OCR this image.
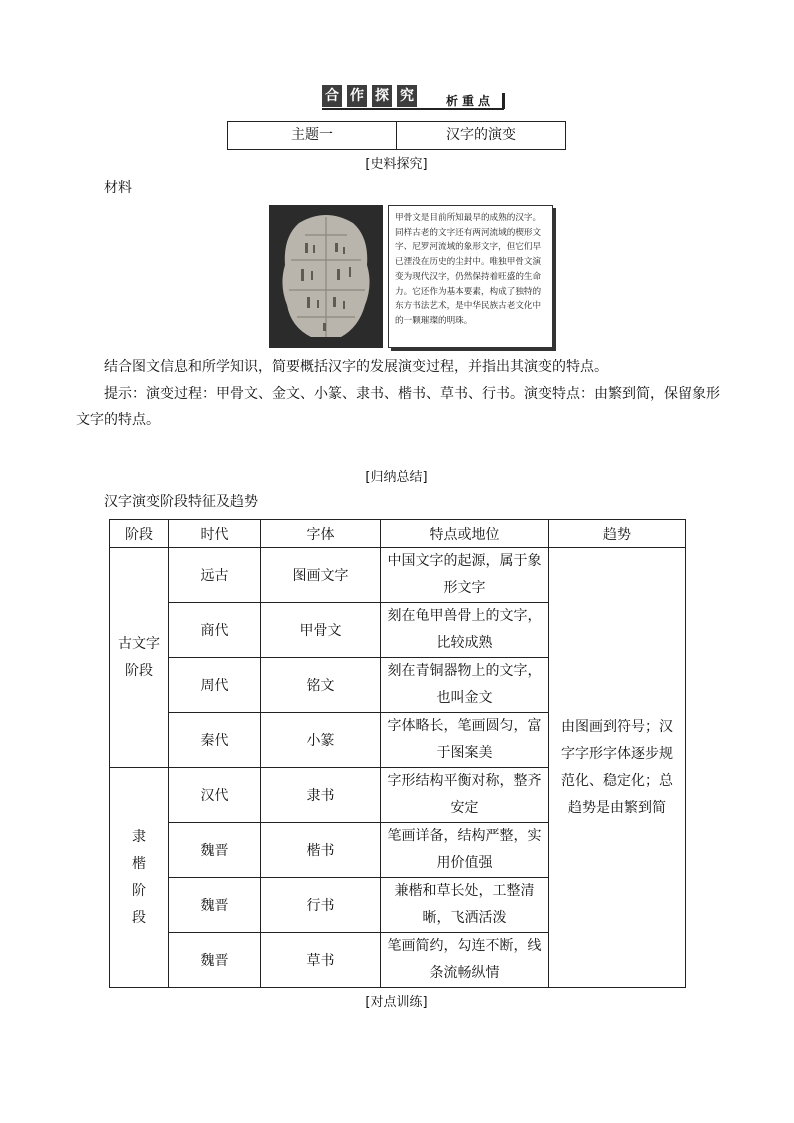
合 作 探 究	析重点
主题一	汉字的演变
[史料探究]
材料
甲骨文是目前所知最早的成熟的汉字。同样古老的文字还有两河流域的楔形文字、尼罗河流域的象形文字，但它们早已湮没在历史的尘封中。唯独甲骨文演变为现代汉字，仍然保持着旺盛的生命力。它还作为基本要素，构成了独特的东方书法艺术，是中华民族古老文化中的一颗璀璨的明珠。
结合图文信息和所学知识，简要概括汉字的发展演变过程，并指出其演变的特点。
提示：演变过程：甲骨文、金文、小篆、隶书、楷书、草书、行书。演变特点：由繁到简，保留象形文字的特点。
[归纳总结]
汉字演变阶段特征及趋势
阶段	时代	字体	特点或地位	趋势
古文字阶段	远古	图画文字	中国文字的起源，属于象形文字	由图画到符号；汉字字形字体逐步规范化、稳定化；总趋势是由繁到简
	商代	甲骨文	刻在龟甲兽骨上的文字，比较成熟	
	周代	铭文	刻在青铜器物上的文字，也叫金文	
	秦代	小篆	字体略长，笔画圆匀，富于图案美	
隶楷阶段	汉代	隶书	字形结构平衡对称，整齐安定	
	魏晋	楷书	笔画详备，结构严整，实用价值强	
	魏晋	行书	兼楷和草长处，工整清晰，飞洒活泼	
	魏晋	草书	笔画简约，勾连不断，线条流畅纵情	
[对点训练]
